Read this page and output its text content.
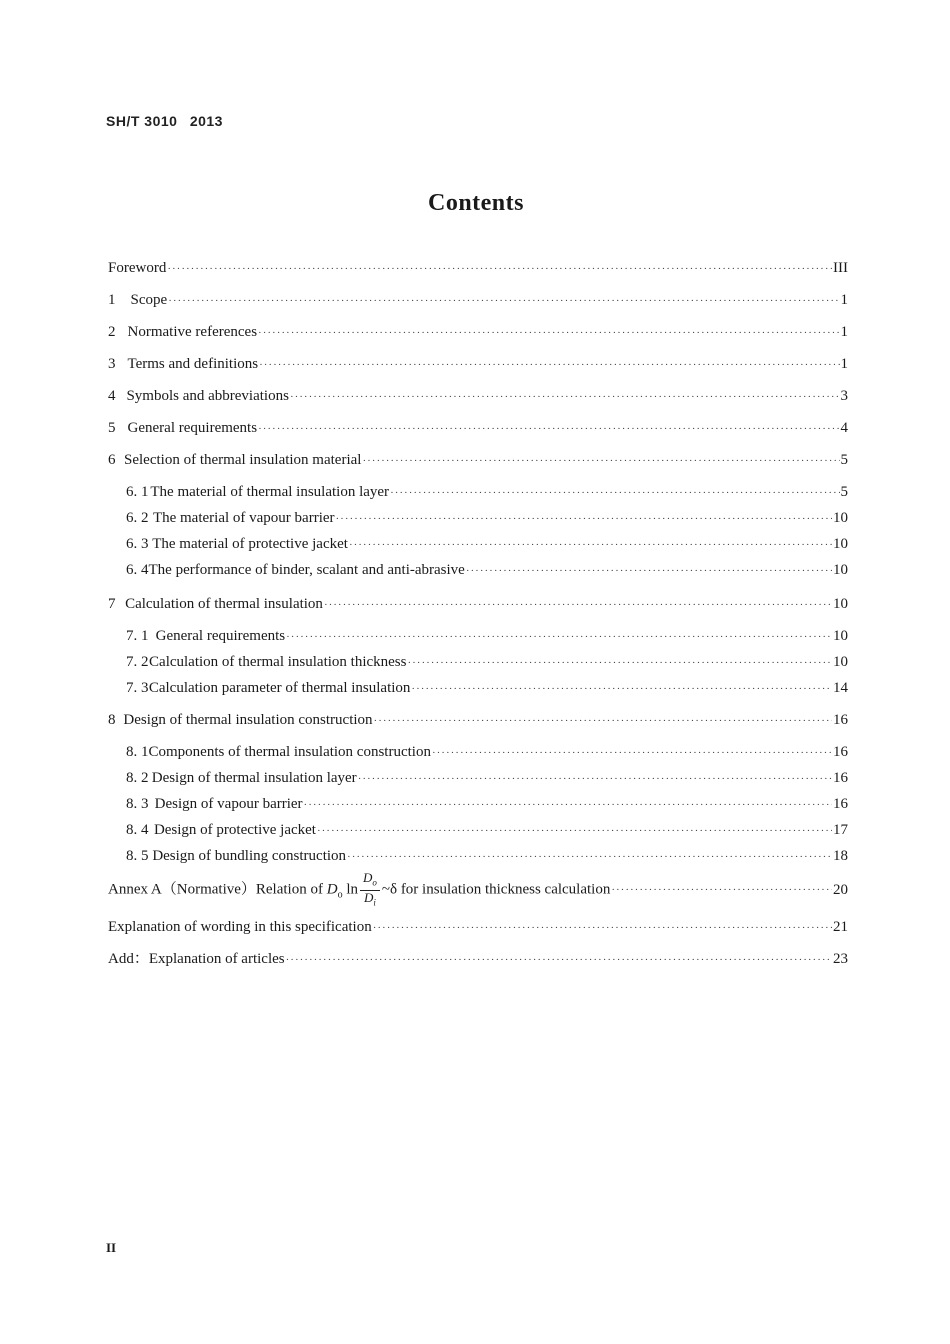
SH/T 3010 2013
Contents
Foreword ·····	III
1	Scope ·····	1
2 Normative references ·····	1
3 Terms and definitions ·····	1
4 Symbols and abbreviations ·····	3
5 General requirements ·····	4
6 Selection of thermal insulation material ·····	5
6. 1 The material of thermal insulation layer ·····	5
6. 2 The material of vapour barrier ·····	10
6. 3 The material of protective jacket ·····	10
6. 4 The performance of binder, scalant and anti-abrasive ·····	10
7 Calculation of thermal insulation ·····	10
7. 1 General requirements ·····	10
7. 2 Calculation of thermal insulation thickness ·····	10
7. 3 Calculation parameter of thermal insulation ·····	14
8 Design of thermal insulation construction ·····	16
8. 1 Components of thermal insulation construction ·····	16
8. 2 Design of thermal insulation layer ·····	16
8. 3 Design of vapour barrier ·····	16
8. 4 Design of protective jacket ·····	17
8. 5 Design of bundling construction ·····	18
Annex A（Normative）Relation of $D_o$ $\ln \frac{D_o}{D_i}$ ~δ for insulation thickness calculation ·····	20
Explanation of wording in this specification ·····	21
Add：Explanation of articles ·····	23
II
